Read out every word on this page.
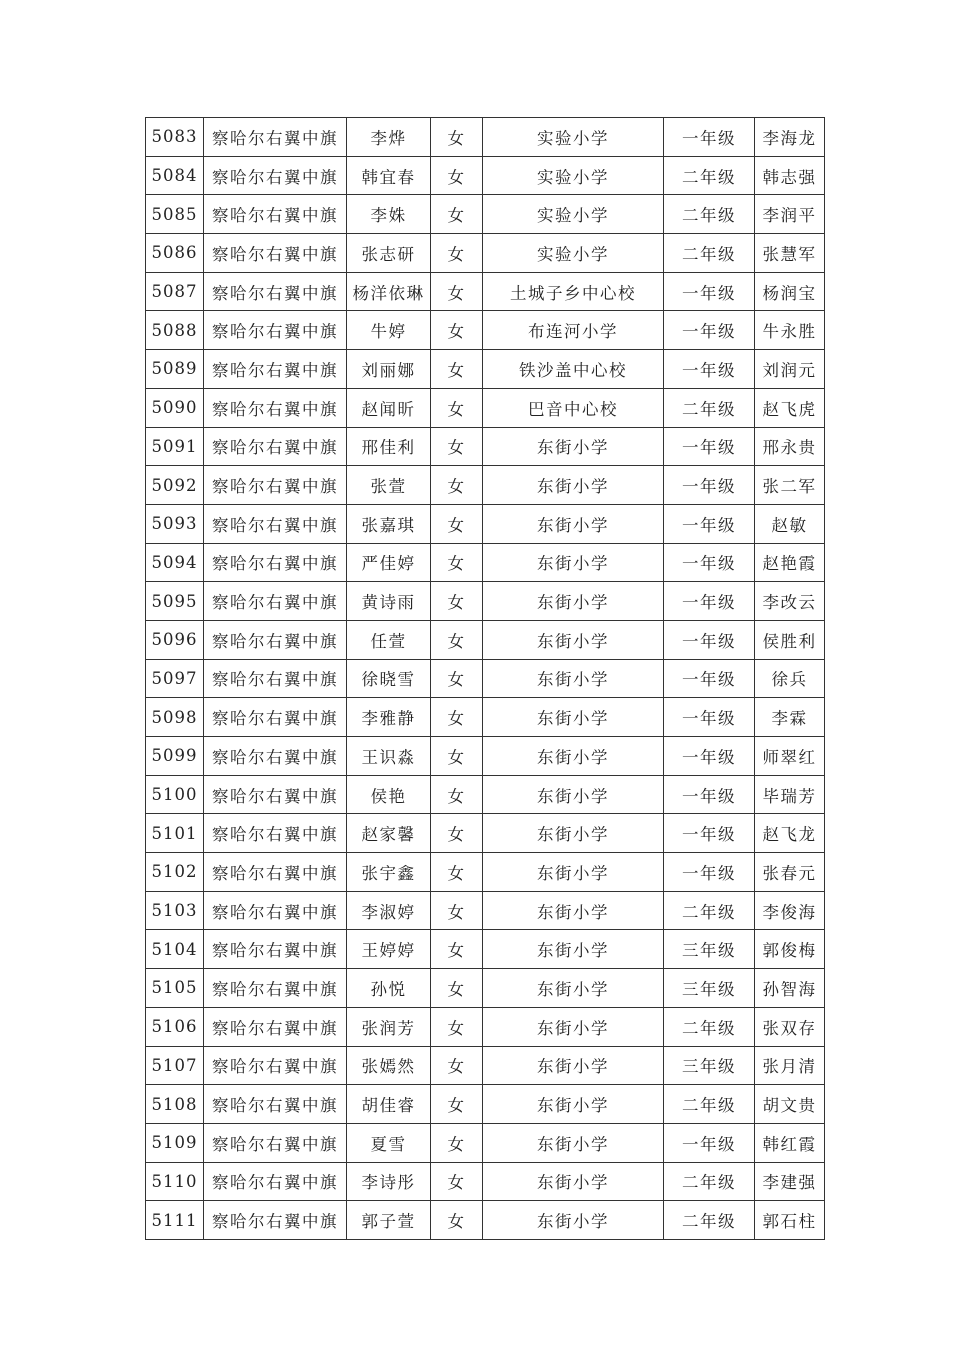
5083	察哈尔右翼中旗	李烨	女	实验小学	一年级	李海龙
5084	察哈尔右翼中旗	韩宜春	女	实验小学	二年级	韩志强
5085	察哈尔右翼中旗	李姝	女	实验小学	二年级	李润平
5086	察哈尔右翼中旗	张志研	女	实验小学	二年级	张慧军
5087	察哈尔右翼中旗	杨洋依琳	女	土城子乡中心校	一年级	杨润宝
5088	察哈尔右翼中旗	牛婷	女	布连河小学	一年级	牛永胜
5089	察哈尔右翼中旗	刘丽娜	女	铁沙盖中心校	一年级	刘润元
5090	察哈尔右翼中旗	赵闻昕	女	巴音中心校	二年级	赵飞虎
5091	察哈尔右翼中旗	邢佳利	女	东街小学	一年级	邢永贵
5092	察哈尔右翼中旗	张萱	女	东街小学	一年级	张二军
5093	察哈尔右翼中旗	张嘉琪	女	东街小学	一年级	赵敏
5094	察哈尔右翼中旗	严佳婷	女	东街小学	一年级	赵艳霞
5095	察哈尔右翼中旗	黄诗雨	女	东街小学	一年级	李改云
5096	察哈尔右翼中旗	任萱	女	东街小学	一年级	侯胜利
5097	察哈尔右翼中旗	徐晓雪	女	东街小学	一年级	徐兵
5098	察哈尔右翼中旗	李雅静	女	东街小学	一年级	李霖
5099	察哈尔右翼中旗	王识淼	女	东街小学	一年级	师翠红
5100	察哈尔右翼中旗	侯艳	女	东街小学	一年级	毕瑞芳
5101	察哈尔右翼中旗	赵家馨	女	东街小学	一年级	赵飞龙
5102	察哈尔右翼中旗	张宇鑫	女	东街小学	一年级	张春元
5103	察哈尔右翼中旗	李淑婷	女	东街小学	二年级	李俊海
5104	察哈尔右翼中旗	王婷婷	女	东街小学	三年级	郭俊梅
5105	察哈尔右翼中旗	孙悦	女	东街小学	三年级	孙智海
5106	察哈尔右翼中旗	张润芳	女	东街小学	二年级	张双存
5107	察哈尔右翼中旗	张嫣然	女	东街小学	三年级	张月清
5108	察哈尔右翼中旗	胡佳睿	女	东街小学	二年级	胡文贵
5109	察哈尔右翼中旗	夏雪	女	东街小学	一年级	韩红霞
5110	察哈尔右翼中旗	李诗彤	女	东街小学	二年级	李建强
5111	察哈尔右翼中旗	郭子萱	女	东街小学	二年级	郭石柱
